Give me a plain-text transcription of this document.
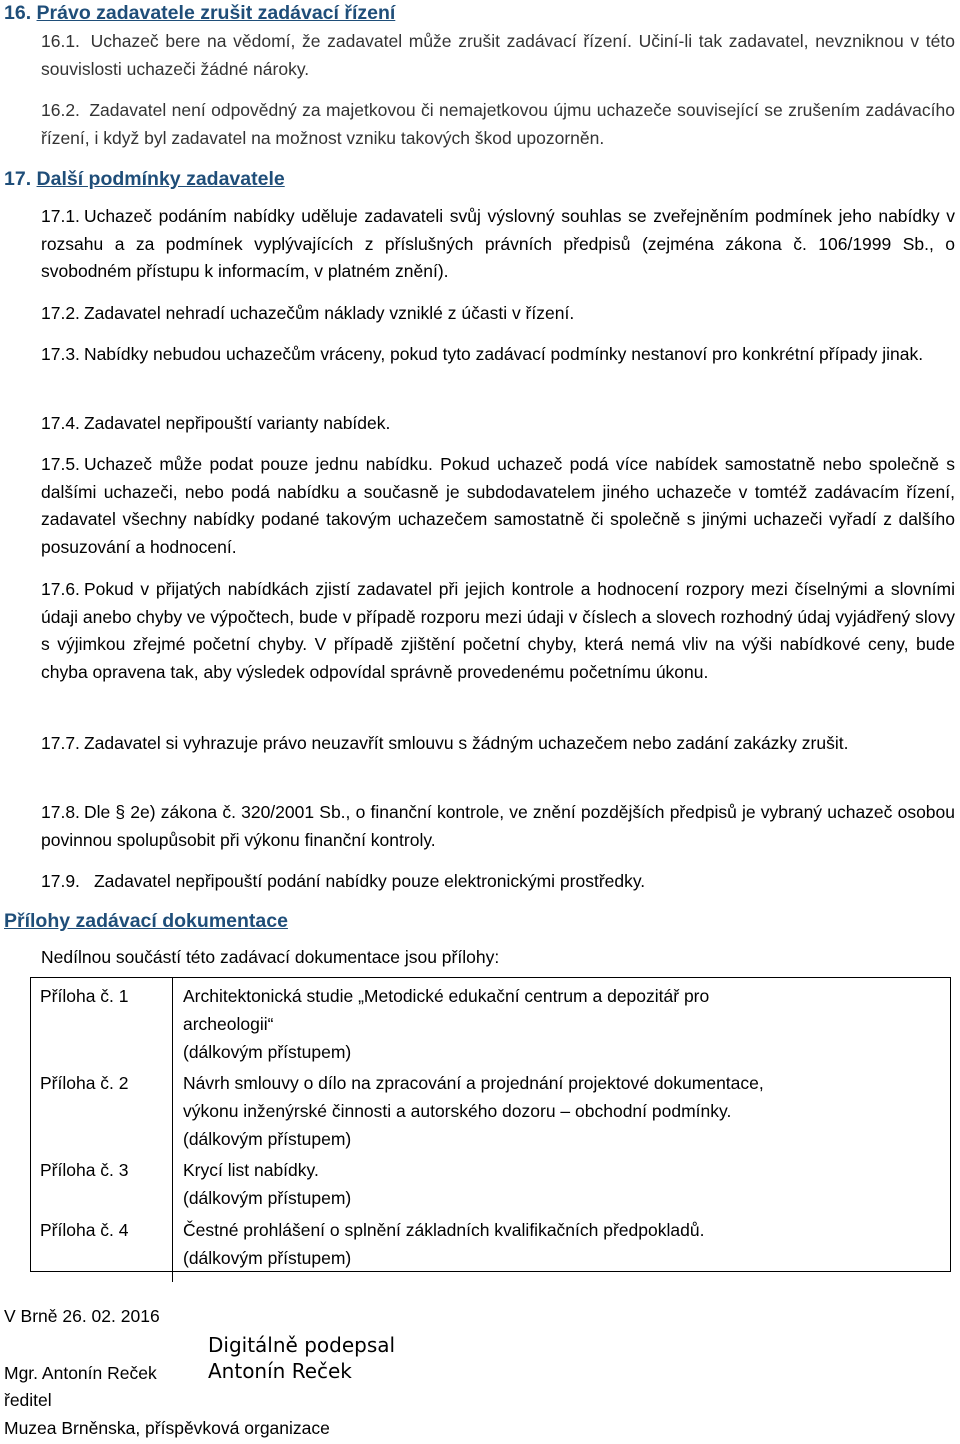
16. Právo zadavatele zrušit zadávací řízení
16.1. Uchazeč bere na vědomí, že zadavatel může zrušit zadávací řízení. Učiní-li tak zadavatel, nevzniknou v této souvislosti uchazeči žádné nároky.
16.2. Zadavatel není odpovědný za majetkovou či nemajetkovou újmu uchazeče související se zrušením zadávacího řízení, i když byl zadavatel na možnost vzniku takových škod upozorněn.
17. Další podmínky zadavatele
17.1. Uchazeč podáním nabídky uděluje zadavateli svůj výslovný souhlas se zveřejněním podmínek jeho nabídky v rozsahu a za podmínek vyplývajících z příslušných právních předpisů (zejména zákona č. 106/1999 Sb., o svobodném přístupu k informacím, v platném znění).
17.2. Zadavatel nehradí uchazečům náklady vzniklé z účasti v řízení.
17.3. Nabídky nebudou uchazečům vráceny, pokud tyto zadávací podmínky nestanoví pro konkrétní případy jinak.
17.4. Zadavatel nepřipouští varianty nabídek.
17.5. Uchazeč může podat pouze jednu nabídku. Pokud uchazeč podá více nabídek samostatně nebo společně s dalšími uchazeči, nebo podá nabídku a současně je subdodavatelem jiného uchazeče v tomtéž zadávacím řízení, zadavatel všechny nabídky podané takovým uchazečem samostatně či společně s jinými uchazeči vyřadí z dalšího posuzování a hodnocení.
17.6. Pokud v přijatých nabídkách zjistí zadavatel při jejich kontrole a hodnocení rozpory mezi číselnými a slovními údaji anebo chyby ve výpočtech, bude v případě rozporu mezi údaji v číslech a slovech rozhodný údaj vyjádřený slovy s výjimkou zřejmé početní chyby. V případě zjištění početní chyby, která nemá vliv na výši nabídkové ceny, bude chyba opravena tak, aby výsledek odpovídal správně provedenému početnímu úkonu.
17.7. Zadavatel si vyhrazuje právo neuzavřít smlouvu s žádným uchazečem nebo zadání zakázky zrušit.
17.8. Dle § 2e) zákona č. 320/2001 Sb., o finanční kontrole, ve znění pozdějších předpisů je vybraný uchazeč osobou povinnou spolupůsobit při výkonu finanční kontroly.
17.9. Zadavatel nepřipouští podání nabídky pouze elektronickými prostředky.
Přílohy zadávací dokumentace
Nedílnou součástí této zadávací dokumentace jsou přílohy:
Příloha č. 1	Architektonická studie „Metodické edukační centrum a depozitář pro
archeologii“
(dálkovým přístupem)

Příloha č. 2	Návrh smlouvy o dílo na zpracování a projednání projektové dokumentace,
výkonu inženýrské činnosti a autorského dozoru – obchodní podmínky.
(dálkovým přístupem)

Příloha č. 3	Krycí list nabídky.
(dálkovým přístupem)

Příloha č. 4	Čestné prohlášení o splnění základních kvalifikačních předpokladů.
(dálkovým přístupem)
V Brně 26. 02. 2016
Digitálně podepsal
Mgr. Antonín Reček	Antonín Reček
ředitel
Muzea Brněnska, příspěvková organizace
